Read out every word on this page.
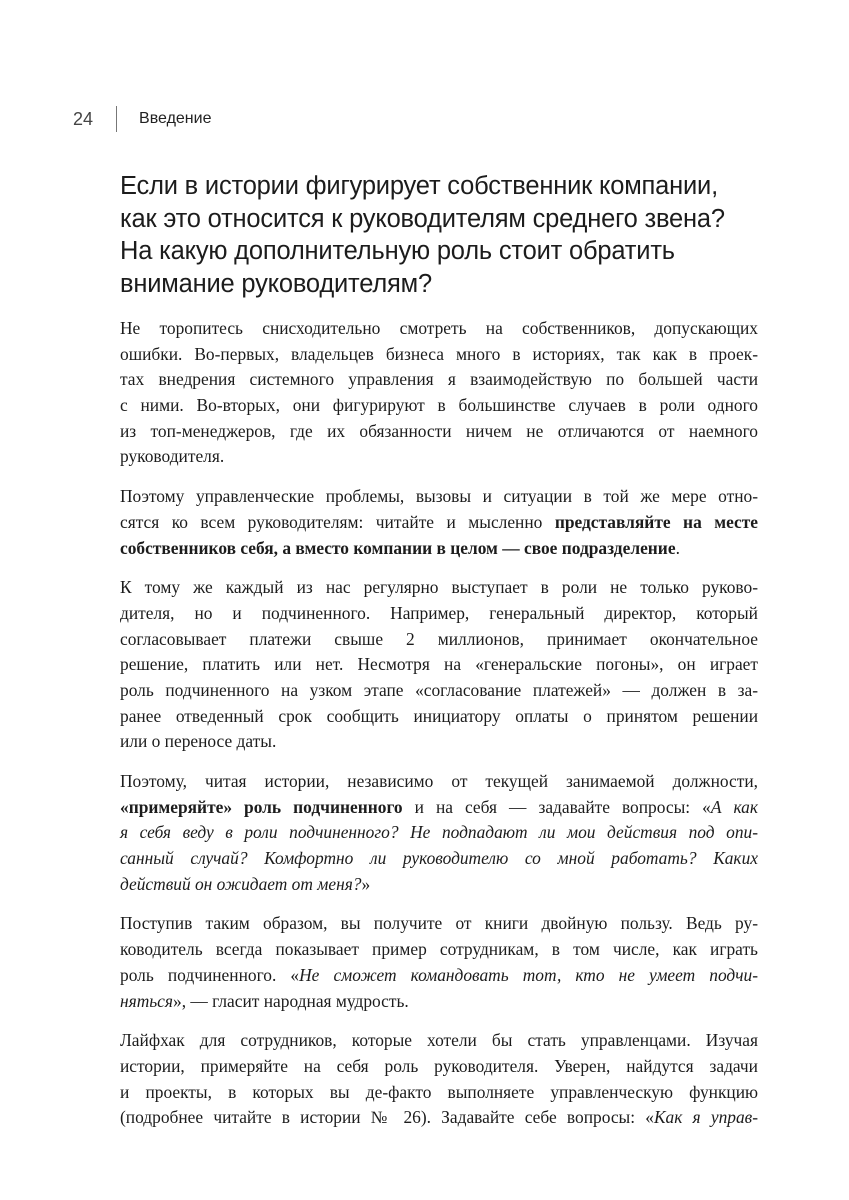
24	Введение
Если в истории фигурирует собственник компании,
как это относится к руководителям среднего звена?
На какую дополнительную роль стоит обратить
внимание руководителям?

Не торопитесь снисходительно смотреть на собственников, допускающих
ошибки. Во-первых, владельцев бизнеса много в историях, так как в проек-
тах внедрения системного управления я взаимодействую по большей части
с ними. Во-вторых, они фигурируют в большинстве случаев в роли одного
из топ-менеджеров, где их обязанности ничем не отличаются от наемного
руководителя.

Поэтому управленческие проблемы, вызовы и ситуации в той же мере отно-
сятся ко всем руководителям: читайте и мысленно представляйте на месте
собственников себя, а вместо компании в целом — свое подразделение.

К тому же каждый из нас регулярно выступает в роли не только руково-
дителя, но и подчиненного. Например, генеральный директор, который
согласовывает платежи свыше 2 миллионов, принимает окончательное
решение, платить или нет. Несмотря на «генеральские погоны», он играет
роль подчиненного на узком этапе «согласование платежей» — должен в за-
ранее отведенный срок сообщить инициатору оплаты о принятом решении
или о переносе даты.

Поэтому, читая истории, независимо от текущей занимаемой должности,
«примеряйте» роль подчиненного и на себя — задавайте вопросы: «А как
я себя веду в роли подчиненного? Не подпадают ли мои действия под опи-
санный случай? Комфортно ли руководителю со мной работать? Каких
действий он ожидает от меня?»

Поступив таким образом, вы получите от книги двойную пользу. Ведь ру-
ководитель всегда показывает пример сотрудникам, в том числе, как играть
роль подчиненного. «Не сможет командовать тот, кто не умеет подчи-
няться», — гласит народная мудрость.

Лайфхак для сотрудников, которые хотели бы стать управленцами. Изучая
истории, примеряйте на себя роль руководителя. Уверен, найдутся задачи
и проекты, в которых вы де-факто выполняете управленческую функцию
(подробнее читайте в истории № 26). Задавайте себе вопросы: «Как я управ-
